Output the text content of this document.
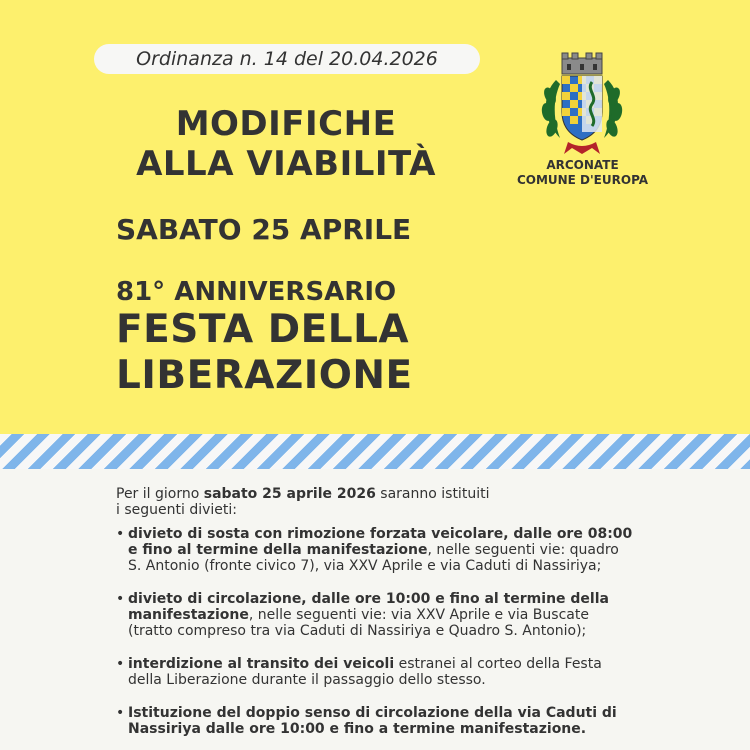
Ordinanza n. 14 del 20.04.2026
MODIFICHE
ALLA VIABILITÀ
SABATO 25 APRILE
81° ANNIVERSARIO
FESTA DELLA
LIBERAZIONE
ARCONATE
COMUNE D'EUROPA

Per il giorno sabato 25 aprile 2026 saranno istituiti
i seguenti divieti:

• divieto di sosta con rimozione forzata veicolare, dalle ore 08:00 e fino al termine della manifestazione, nelle seguenti vie: quadro S. Antonio (fronte civico 7), via XXV Aprile e via Caduti di Nassiriya;
• divieto di circolazione, dalle ore 10:00 e fino al termine della manifestazione, nelle seguenti vie: via XXV Aprile e via Buscate (tratto compreso tra via Caduti di Nassiriya e Quadro S. Antonio);
• interdizione al transito dei veicoli estranei al corteo della Festa della Liberazione durante il passaggio dello stesso.
• Istituzione del doppio senso di circolazione della via Caduti di Nassiriya dalle ore 10:00 e fino a termine manifestazione.
